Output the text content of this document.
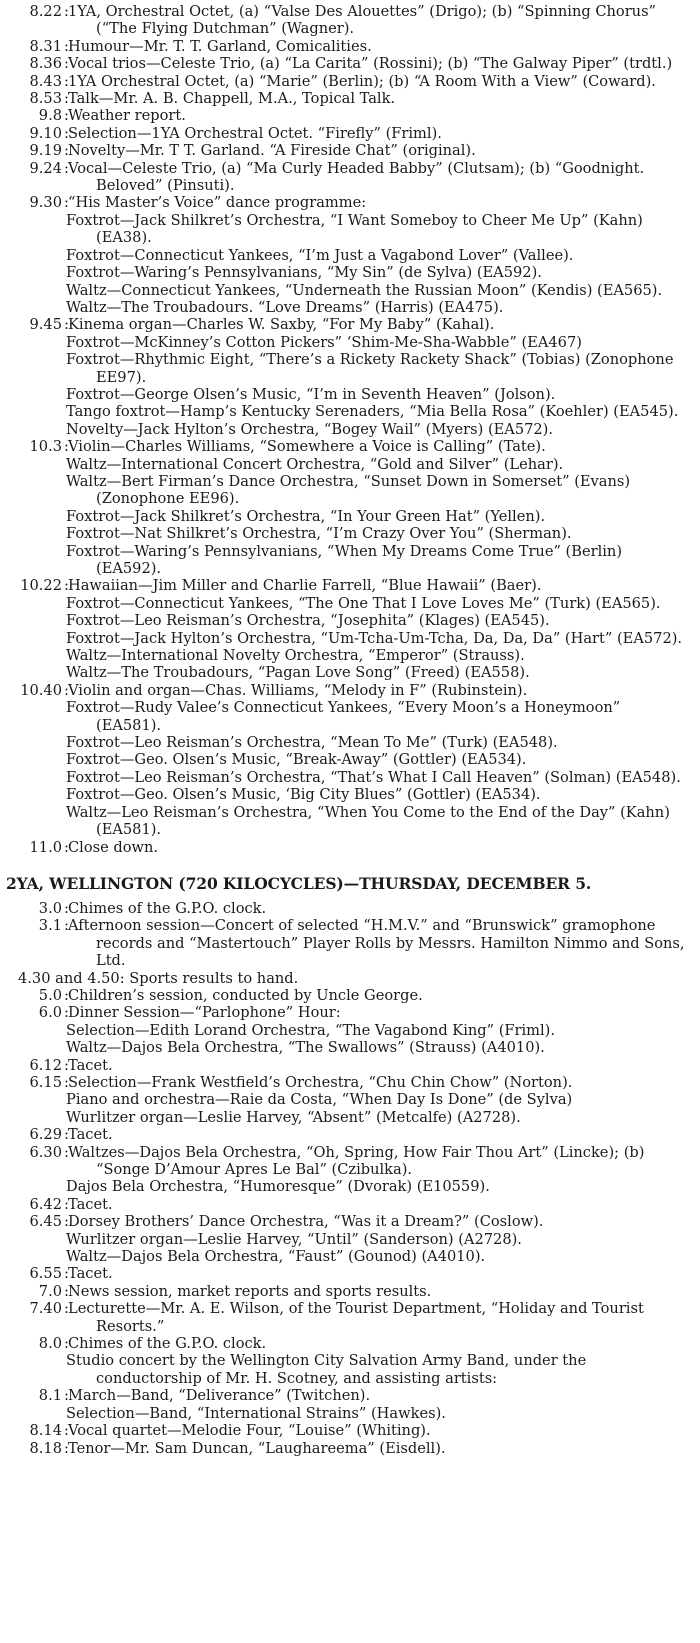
8.22 : 1YA, Orchestral Octet, (a) “Valse Des Alouettes” (Drigo); (b) “Spinning Chorus” (“The Flying Dutchman” (Wagner).
8.31 : Humour—Mr. T. T. Garland, Comicalities.
8.36 : Vocal trios—Celeste Trio, (a) “La Carita” (Rossini); (b) “The Galway Piper” (trdtl.)
8.43 : 1YA Orchestral Octet, (a) “Marie” (Berlin); (b) “A Room With a View” (Coward).
8.53 : Talk—Mr. A. B. Chappell, M.A., Topical Talk.
9.8 : Weather report.
9.10 : Selection—1YA Orchestral Octet. “Firefly” (Friml).
9.19 : Novelty—Mr. T T. Garland. “A Fireside Chat” (original).
9.24 : Vocal—Celeste Trio, (a) “Ma Curly Headed Babby” (Clutsam); (b) “Goodnight. Beloved” (Pinsuti).
9.30 : “His Master’s Voice” dance programme:
Foxtrot—Jack Shilkret’s Orchestra, “I Want Someboy to Cheer Me Up” (Kahn) (EA38).
Foxtrot—Connecticut Yankees, “I’m Just a Vagabond Lover” (Vallee).
Foxtrot—Waring’s Pennsylvanians, “My Sin” (de Sylva) (EA592).
Waltz—Connecticut Yankees, “Underneath the Russian Moon” (Kendis) (EA565).
Waltz—The Troubadours. “Love Dreams” (Harris) (EA475).
9.45 : Kinema organ—Charles W. Saxby, “For My Baby” (Kahal).
Foxtrot—McKinney’s Cotton Pickers” ‘Shim-Me-Sha-Wabble” (EA467)
Foxtrot—Rhythmic Eight, “There’s a Rickety Rackety Shack” (Tobias) (Zonophone EE97).
Foxtrot—George Olsen’s Music, “I’m in Seventh Heaven” (Jolson).
Tango foxtrot—Hamp’s Kentucky Serenaders, “Mia Bella Rosa” (Koehler) (EA545).
Novelty—Jack Hylton’s Orchestra, “Bogey Wail” (Myers) (EA572).
10.3 : Violin—Charles Williams, “Somewhere a Voice is Calling” (Tate).
Waltz—International Concert Orchestra, “Gold and Silver” (Lehar).
Waltz—Bert Firman’s Dance Orchestra, “Sunset Down in Somerset” (Evans) (Zonophone EE96).
Foxtrot—Jack Shilkret’s Orchestra, “In Your Green Hat” (Yellen).
Foxtrot—Nat Shilkret’s Orchestra, “I’m Crazy Over You” (Sherman).
Foxtrot—Waring’s Pennsylvanians, “When My Dreams Come True” (Berlin) (EA592).
10.22 : Hawaiian—Jim Miller and Charlie Farrell, “Blue Hawaii” (Baer).
Foxtrot—Connecticut Yankees, “The One That I Love Loves Me” (Turk) (EA565).
Foxtrot—Leo Reisman’s Orchestra, “Josephita” (Klages) (EA545).
Foxtrot—Jack Hylton’s Orchestra, “Um-Tcha-Um-Tcha, Da, Da, Da” (Hart” (EA572).
Waltz—International Novelty Orchestra, “Emperor” (Strauss).
Waltz—The Troubadours, “Pagan Love Song” (Freed) (EA558).
10.40 : Violin and organ—Chas. Williams, “Melody in F” (Rubinstein).
Foxtrot—Rudy Valee’s Connecticut Yankees, “Every Moon’s a Honeymoon” (EA581).
Foxtrot—Leo Reisman’s Orchestra, “Mean To Me” (Turk) (EA548).
Foxtrot—Geo. Olsen’s Music, “Break-Away” (Gottler) (EA534).
Foxtrot—Leo Reisman’s Orchestra, “That’s What I Call Heaven” (Solman) (EA548).
Foxtrot—Geo. Olsen’s Music, ‘Big City Blues” (Gottler) (EA534).
Waltz—Leo Reisman’s Orchestra, “When You Come to the End of the Day” (Kahn) (EA581).
11.0 : Close down.
2YA, WELLINGTON (720 KILOCYCLES)—THURSDAY, DECEMBER 5.
3.0 : Chimes of the G.P.O. clock.
3.1 : Afternoon session—Concert of selected “H.M.V.” and “Brunswick” gramophone records and “Mastertouch” Player Rolls by Messrs. Hamilton Nimmo and Sons, Ltd.
4.30 and 4.50: Sports results to hand.
5.0 : Children’s session, conducted by Uncle George.
6.0 : Dinner Session—“Parlophone” Hour:
Selection—Edith Lorand Orchestra, “The Vagabond King” (Friml).
Waltz—Dajos Bela Orchestra, “The Swallows” (Strauss) (A4010).
6.12 : Tacet.
6.15 : Selection—Frank Westfield’s Orchestra, “Chu Chin Chow” (Norton).
Piano and orchestra—Raie da Costa, “When Day Is Done” (de Sylva)
Wurlitzer organ—Leslie Harvey, “Absent” (Metcalfe) (A2728).
6.29 : Tacet.
6.30 : Waltzes—Dajos Bela Orchestra, “Oh, Spring, How Fair Thou Art” (Lincke); (b) “Songe D’Amour Apres Le Bal” (Czibulka).
Dajos Bela Orchestra, “Humoresque” (Dvorak) (E10559).
6.42 : Tacet.
6.45 : Dorsey Brothers’ Dance Orchestra, “Was it a Dream?” (Coslow).
Wurlitzer organ—Leslie Harvey, “Until” (Sanderson) (A2728).
Waltz—Dajos Bela Orchestra, “Faust” (Gounod) (A4010).
6.55 : Tacet.
7.0 : News session, market reports and sports results.
7.40 : Lecturette—Mr. A. E. Wilson, of the Tourist Department, “Holiday and Tourist Resorts.”
8.0 : Chimes of the G.P.O. clock.
Studio concert by the Wellington City Salvation Army Band, under the conductorship of Mr. H. Scotney, and assisting artists:
8.1 : March—Band, “Deliverance” (Twitchen).
Selection—Band, “International Strains” (Hawkes).
8.14 : Vocal quartet—Melodie Four, “Louise” (Whiting).
8.18 : Tenor—Mr. Sam Duncan, “Laughareema” (Eisdell).
